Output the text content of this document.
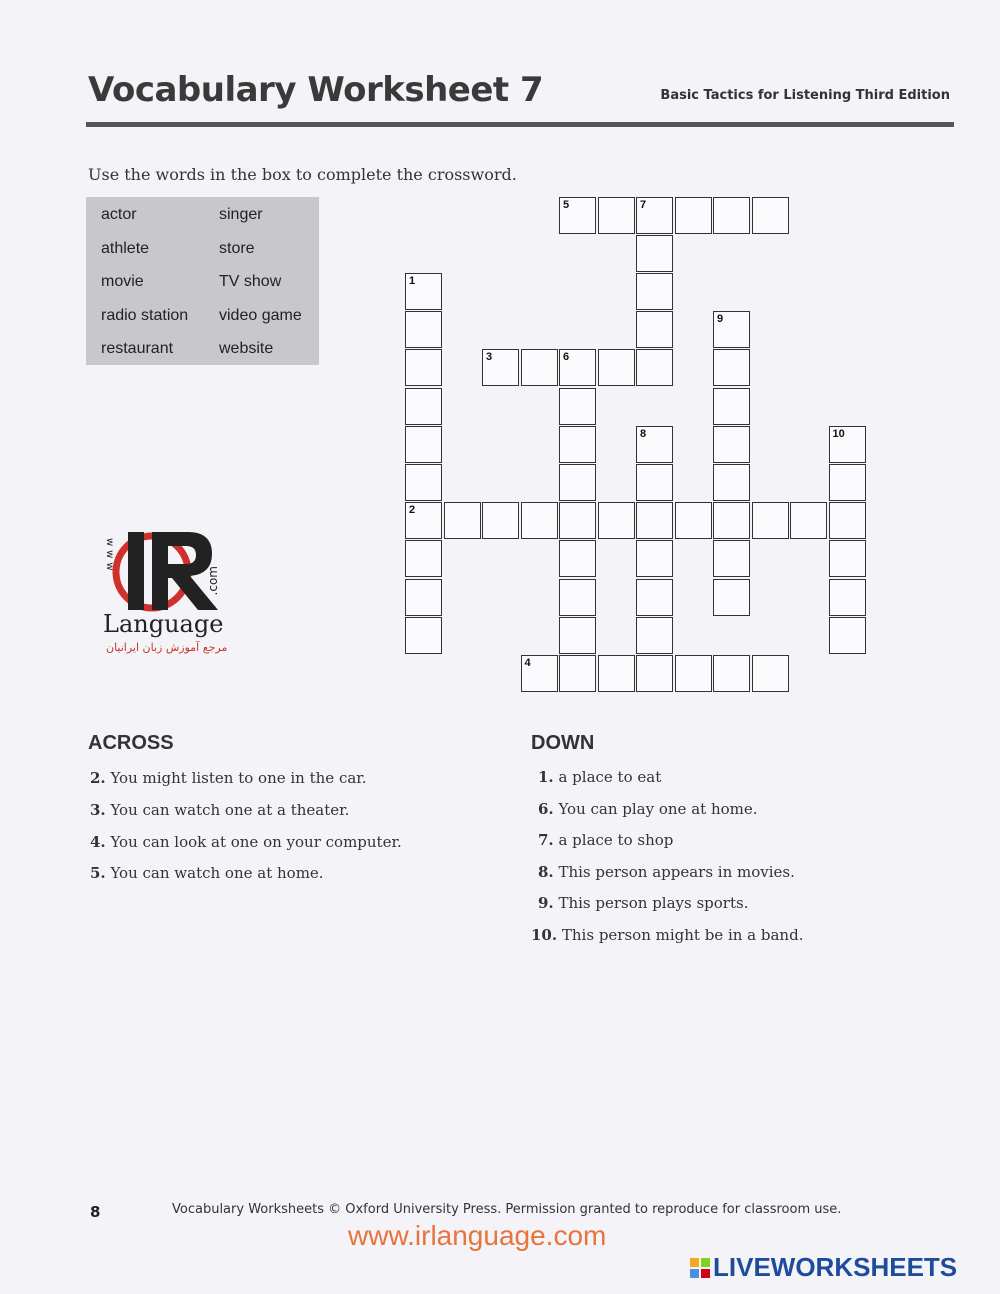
Vocabulary Worksheet 7	Basic Tactics for Listening Third Edition
Use the words in the box to complete the crossword.
actor
athlete
movie
radio station
restaurant
singer
store
TV show
video game
website
1
2
3
4
5
6
7
8
9
10
www
.com
Language
مرجع آموزش زبان ایرانیان
ACROSS
2. You might listen to one in the car.
3. You can watch one at a theater.
4. You can look at one on your computer.
5. You can watch one at home.
DOWN
1. a place to eat
6. You can play one at home.
7. a place to shop
8. This person appears in movies.
9. This person plays sports.
10. This person might be in a band.
8	Vocabulary Worksheets © Oxford University Press. Permission granted to reproduce for classroom use.
www.irlanguage.com
LIVEWORKSHEETS
